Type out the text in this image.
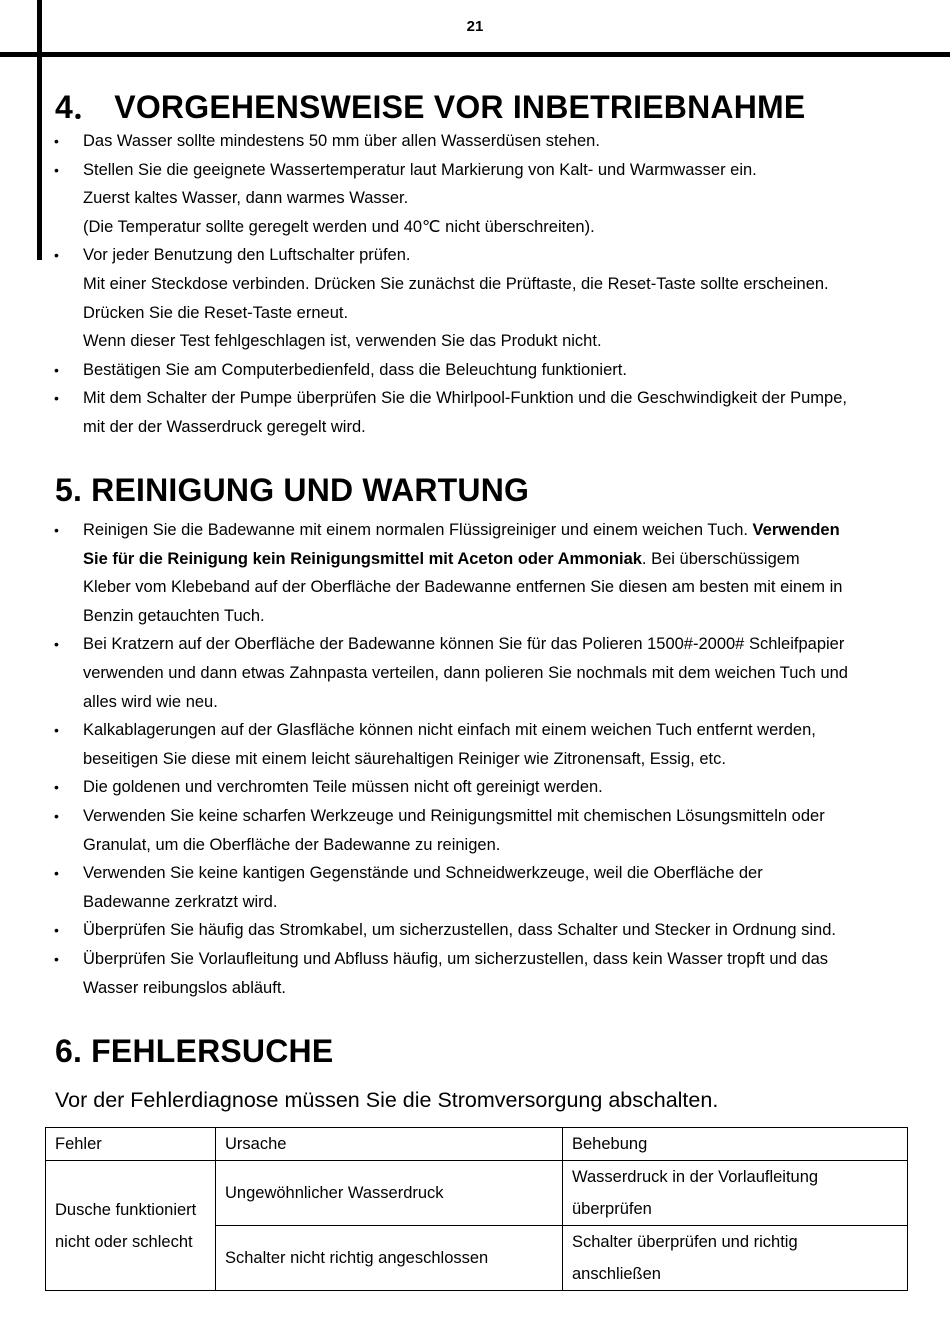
21
4． VORGEHENSWEISE VOR INBETRIEBNAHME
• Das Wasser sollte mindestens 50 mm über allen Wasserdüsen stehen.
• Stellen Sie die geeignete Wassertemperatur laut Markierung von Kalt- und Warmwasser ein.
Zuerst kaltes Wasser, dann warmes Wasser.
(Die Temperatur sollte geregelt werden und 40℃ nicht überschreiten).
• Vor jeder Benutzung den Luftschalter prüfen.
Mit einer Steckdose verbinden. Drücken Sie zunächst die Prüftaste, die Reset-Taste sollte erscheinen.
Drücken Sie die Reset-Taste erneut.
Wenn dieser Test fehlgeschlagen ist, verwenden Sie das Produkt nicht.
• Bestätigen Sie am Computerbedienfeld, dass die Beleuchtung funktioniert.
• Mit dem Schalter der Pumpe überprüfen Sie die Whirlpool-Funktion und die Geschwindigkeit der Pumpe,
mit der der Wasserdruck geregelt wird.
5. REINIGUNG UND WARTUNG
• Reinigen Sie die Badewanne mit einem normalen Flüssigreiniger und einem weichen Tuch. Verwenden
Sie für die Reinigung kein Reinigungsmittel mit Aceton oder Ammoniak. Bei überschüssigem
Kleber vom Klebeband auf der Oberfläche der Badewanne entfernen Sie diesen am besten mit einem in
Benzin getauchten Tuch.
• Bei Kratzern auf der Oberfläche der Badewanne können Sie für das Polieren 1500#-2000# Schleifpapier
verwenden und dann etwas Zahnpasta verteilen, dann polieren Sie nochmals mit dem weichen Tuch und
alles wird wie neu.
• Kalkablagerungen auf der Glasfläche können nicht einfach mit einem weichen Tuch entfernt werden,
beseitigen Sie diese mit einem leicht säurehaltigen Reiniger wie Zitronensaft, Essig, etc.
• Die goldenen und verchromten Teile müssen nicht oft gereinigt werden.
• Verwenden Sie keine scharfen Werkzeuge und Reinigungsmittel mit chemischen Lösungsmitteln oder
Granulat, um die Oberfläche der Badewanne zu reinigen.
• Verwenden Sie keine kantigen Gegenstände und Schneidwerkzeuge, weil die Oberfläche der
Badewanne zerkratzt wird.
• Überprüfen Sie häufig das Stromkabel, um sicherzustellen, dass Schalter und Stecker in Ordnung sind.
• Überprüfen Sie Vorlaufleitung und Abfluss häufig, um sicherzustellen, dass kein Wasser tropft und das
Wasser reibungslos abläuft.
6. FEHLERSUCHE
Vor der Fehlerdiagnose müssen Sie die Stromversorgung abschalten.
Fehler	Ursache	Behebung

Dusche funktioniert
nicht oder schlecht	Ungewöhnlicher Wasserdruck	Wasserdruck in der Vorlaufleitung
überprüfen

	Schalter nicht richtig angeschlossen	Schalter überprüfen und richtig
anschließen
